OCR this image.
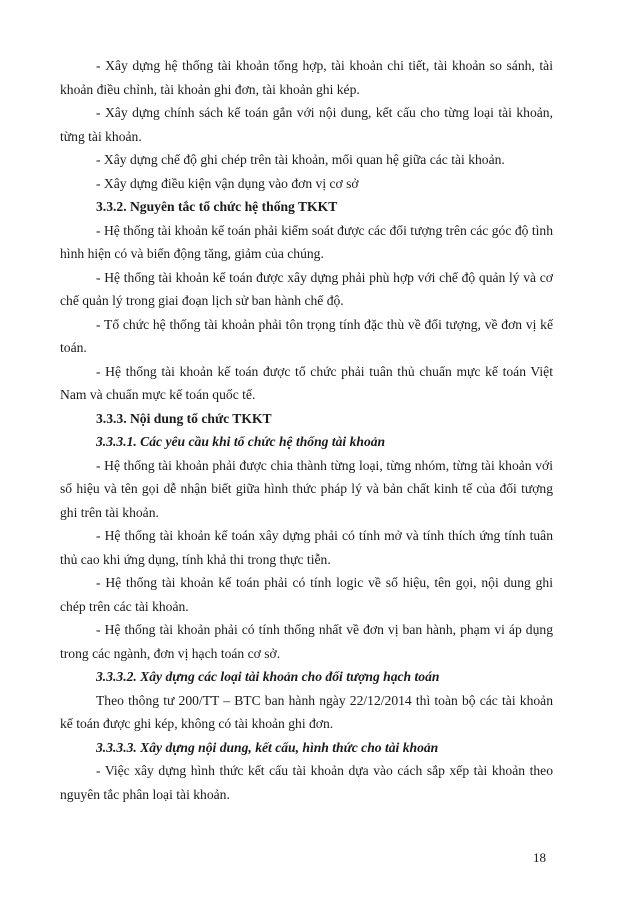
- Xây dựng hệ thống tài khoản tổng hợp, tài khoản chi tiết, tài khoản so sánh, tài khoản điều chỉnh, tài khoản ghi đơn, tài khoản ghi kép.

- Xây dựng chính sách kế toán gắn với nội dung, kết cấu cho từng loại tài khoản, từng tài khoản.

- Xây dựng chế độ ghi chép trên tài khoản, mối quan hệ giữa các tài khoản.

- Xây dựng điều kiện vận dụng vào đơn vị cơ sở

3.3.2. Nguyên tắc tổ chức hệ thống TKKT

- Hệ thống tài khoản kế toán phải kiểm soát được các đối tượng trên các góc độ tình hình hiện có và biến động tăng, giảm của chúng.

- Hệ thống tài khoản kế toán được xây dựng phải phù hợp với chế độ quản lý và cơ chế quản lý trong giai đoạn lịch sử ban hành chế độ.

- Tổ chức hệ thống tài khoản phải tôn trọng tính đặc thù về đối tượng, về đơn vị kế toán.

- Hệ thống tài khoản kế toán được tổ chức phải tuân thủ chuẩn mực kế toán Việt Nam và chuẩn mực kế toán quốc tế.

3.3.3. Nội dung tổ chức TKKT

3.3.3.1. Các yêu cầu khi tổ chức hệ thống tài khoản

- Hệ thống tài khoản phải được chia thành từng loại, từng nhóm, từng tài khoản với số hiệu và tên gọi dễ nhận biết giữa hình thức pháp lý và bản chất kinh tế của đối tượng ghi trên tài khoản.

- Hệ thống tài khoản kế toán xây dựng phải có tính mở và tính thích ứng tính tuân thủ cao khi ứng dụng, tính khả thi trong thực tiễn.

- Hệ thống tài khoản kế toán phải có tính logic về số hiệu, tên gọi, nội dung ghi chép trên các tài khoản.

- Hệ thống tài khoản phải có tính thống nhất về đơn vị ban hành, phạm vi áp dụng trong các ngành, đơn vị hạch toán cơ sở.

3.3.3.2. Xây dựng các loại tài khoản cho đối tượng hạch toán

Theo thông tư 200/TT – BTC ban hành ngày 22/12/2014 thì toàn bộ các tài khoản kế toán được ghi kép, không có tài khoản ghi đơn.

3.3.3.3. Xây dựng nội dung, kết cấu, hình thức cho tài khoản

- Việc xây dựng hình thức kết cấu tài khoản dựa vào cách sắp xếp tài khoản theo nguyên tắc phân loại tài khoản.

18
